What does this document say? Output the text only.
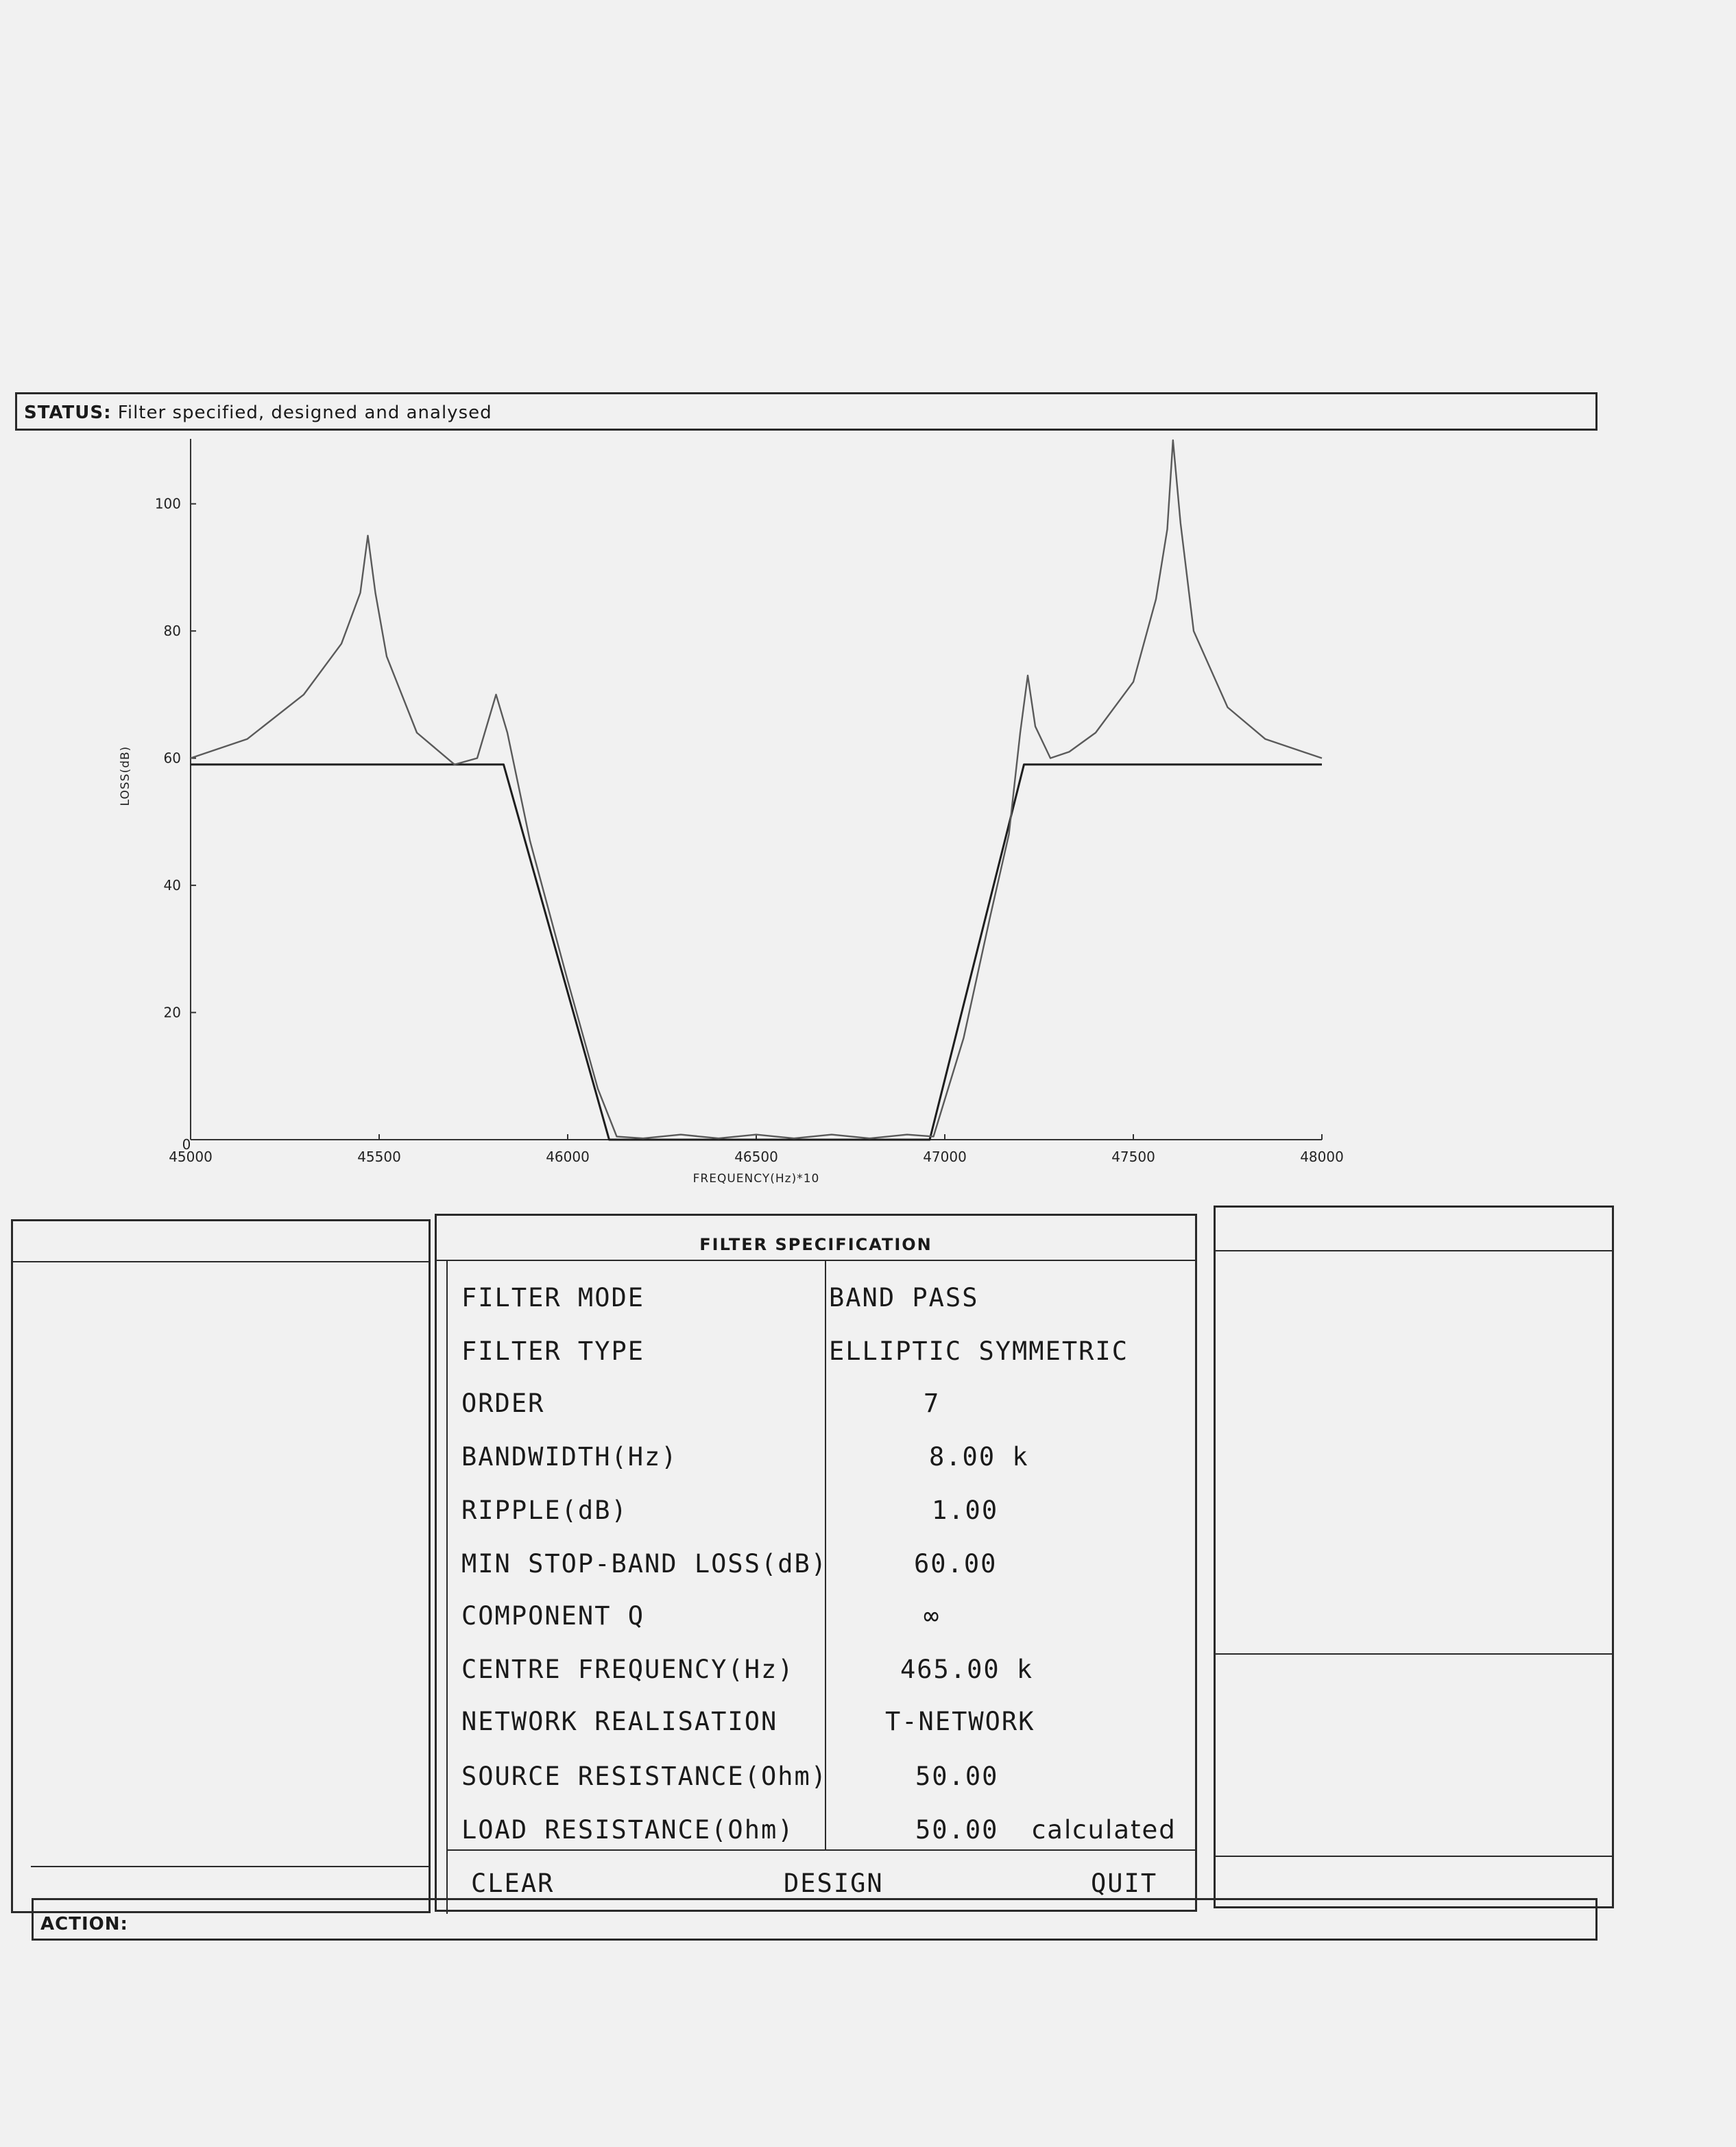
STATUS: Filter specified, designed and analysed
45000	45500	46000	46500	47000	47500	48000
20
40
60
80
100
0
FREQUENCY(Hz)*10
LOSS(dB)
FILTER SPECIFICATION
FILTER MODE	BAND PASS
FILTER TYPE	ELLIPTIC SYMMETRIC
ORDER	7
BANDWIDTH(Hz)	8.00 k
RIPPLE(dB)	1.00
MIN STOP-BAND LOSS(dB)	60.00
COMPONENT Q	∞
CENTRE FREQUENCY(Hz)	465.00 k
NETWORK REALISATION	T-NETWORK
SOURCE RESISTANCE(Ohm)	50.00
LOAD RESISTANCE(Ohm)	50.00 calculated
CLEAR	DESIGN	QUIT
ACTION:
